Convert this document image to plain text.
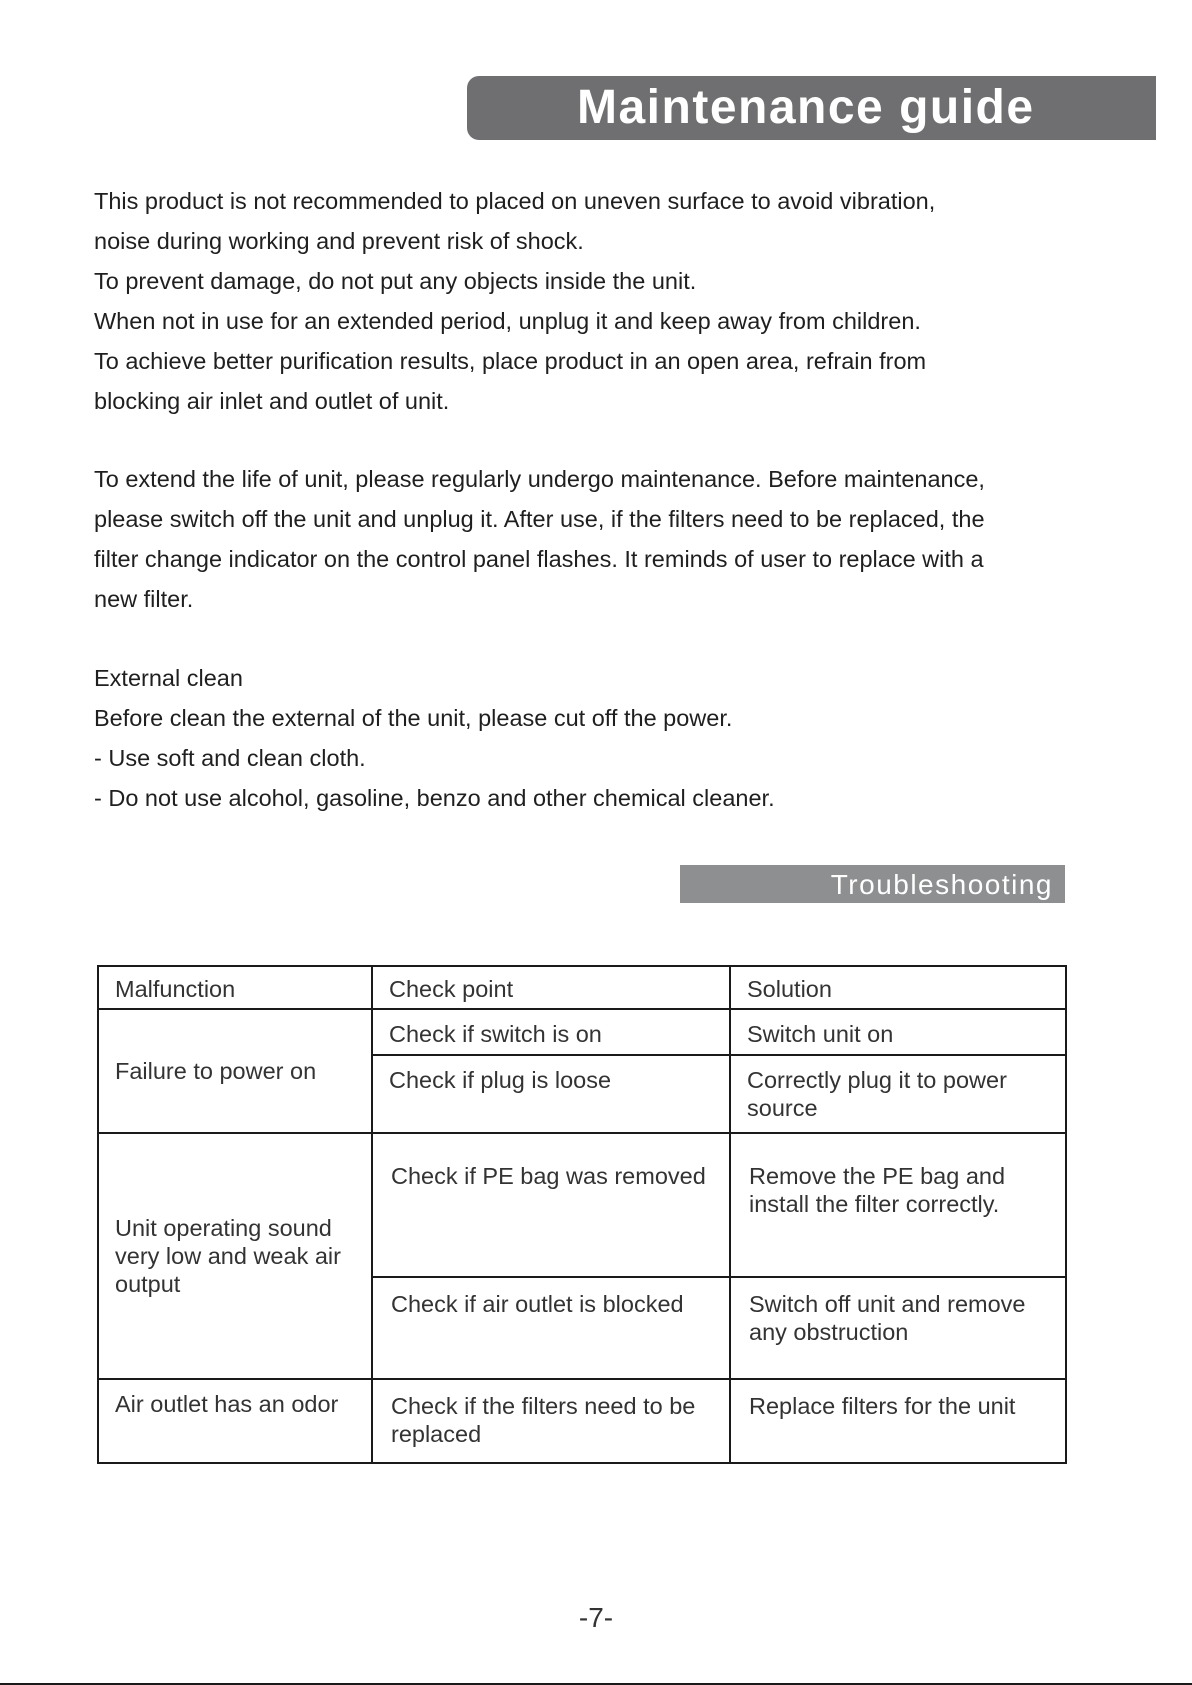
Maintenance guide

This product is not recommended to placed on uneven surface to avoid vibration,

noise during working and prevent risk of shock.

To prevent damage, do not put any objects inside the unit.

When not in use for an extended period, unplug it and keep away from children.

To achieve better purification results, place product in an open area, refrain from

blocking air inlet and outlet of unit.

To extend the life of unit, please regularly undergo maintenance. Before maintenance,

please switch off the unit and unplug it. After use, if the filters need to be replaced, the

filter change indicator on the control panel flashes. It reminds of user to replace with a

new filter.

External clean

Before clean the external of the unit, please cut off the power.

- Use soft and clean cloth.

- Do not use alcohol, gasoline, benzo and other chemical cleaner.

Troubleshooting
Malfunction	Check point	Solution
Failure to power on	Check if switch is on	Switch unit on
	Check if plug is loose	Correctly plug it to power source
Unit operating sound very low and weak air output	Check if PE bag was removed	Remove the PE bag and install the filter correctly.
	Check if air outlet is blocked	Switch off unit and remove any obstruction
Air outlet has an odor	Check if the filters need to be replaced	Replace filters for the unit
-7-
